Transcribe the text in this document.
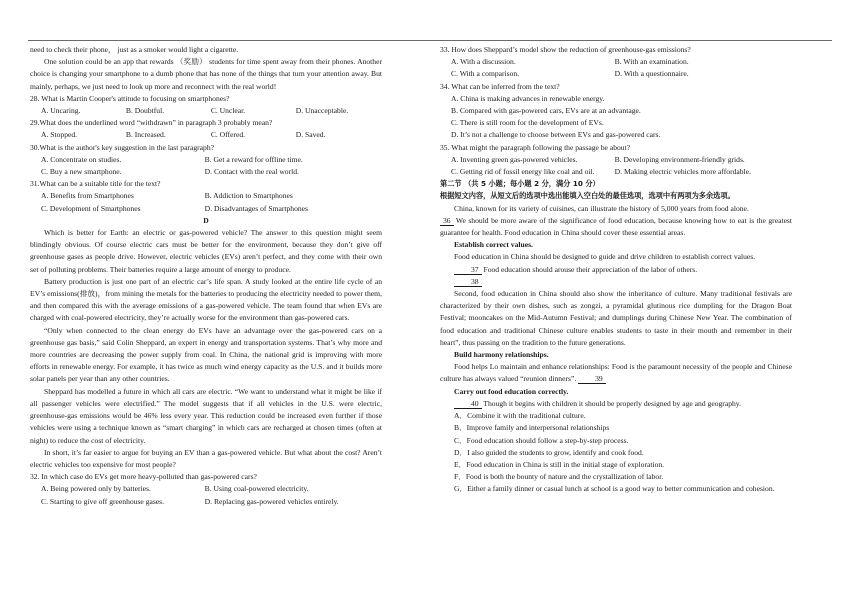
need to check their phone， just as a smoker would light a cigarette.

One solution could be an app that rewards （奖励） students for time spent away from their phones. Another choice is changing your smartphone to a dumb phone that has none of the things that turn your attention away. But mainly, perhaps, we just need to look up more and reconnect with the real world!

28. What is Martin Cooper's attitude to focusing on smartphones?
A. Uncaring.	B. Doubtful.	C. Unclear.	D. Unacceptable.
29.What does the underlined word “withdrawn” in paragraph 3 probably mean?
A. Stopped.	B. Increased.	C. Offered.	D. Saved.
30.What is the author's key suggestion in the last paragraph?
A. Concentrate on studies.	B. Get a reward for offline time.
C. Buy a new smartphone.	D. Contact with the real world.
31.What can be a suitable title for the text?
A. Benefits from Smartphones	B. Addiction to Smartphones
C. Development of Smartphones	D. Disadvantages of Smartphones
D

Which is better for Earth: an electric or gas-powered vehicle? The answer to this question might seem blindingly obvious. Of course electric cars must be better for the environment, because they don’t give off greenhouse gases as people drive. However, electric vehicles (EVs) aren’t perfect, and they come with their own set of polluting problems. Their batteries require a large amount of energy to produce.

Battery production is just one part of an electric car’s life span. A study looked at the entire life cycle of an EV’s emissions(排放)，from mining the metals for the batteries to producing the electricity needed to power them, and then compared this with the average emissions of a gas-powered vehicle. The team found that when EVs are charged with coal-powered electricity, they’re actually worse for the environment than gas-powered cars.

“Only when connected to the clean energy do EVs have an advantage over the gas-powered cars on a greenhouse gas basis,” said Colin Sheppard, an expert in energy and transportation systems. That’s why more and more countries are decreasing the power supply from coal. In China, the national grid is improving with more efforts in renewable energy. For example, it has twice as much wind energy capacity as the U.S. and it builds more solar panels per year than any other countries.

Sheppard has modelled a future in which all cars are electric. “We want to understand what it might be like if all passenger vehicles were electrified.” The model suggests that if all vehicles in the U.S. were electric, greenhouse-gas emissions would be 46% less every year. This reduction could be increased even further if those vehicles were using a technique known as “smart charging” in which cars are recharged at chosen times (often at night) to reduce the cost of electricity.

In short, it’s far easier to argue for buying an EV than a gas-powered vehicle. But what about the cost? Aren’t electric vehicles too expensive for most people?

32. In which case do EVs get more heavy-polluted than gas-powered cars?
A. Being powered only by batteries.	B. Using coal-powered electricity.
C. Starting to give off greenhouse gases.	D. Replacing gas-powered vehicles entirely.
33. How does Sheppard’s model show the reduction of greenhouse-gas emissions?
A. With a discussion.	B. With an examination.
C. With a comparison.	D. With a questionnaire.
34. What can be inferred from the text?
A. China is making advances in renewable energy.
B. Compared with gas-powered cars, EVs are at an advantage.
C. There is still room for the development of EVs.
D. It’s not a challenge to choose between EVs and gas-powered cars.
35. What might the paragraph following the passage be about?
A. Inventing green gas-powered vehicles.	B. Developing environment-friendly grids.
C. Getting rid of fossil energy like coal and oil.	D. Making electric vehicles more affordable.
第二节 （共 5 小题；每小题 2 分，满分 10 分）
根据短文内容，从短文后的选项中选出能填入空白处的最佳选项，选项中有两项为多余选项。

China, known for its variety of cuisines, can illustrate the history of 5,000 years from food alone.

36 We should be more aware of the significance of food education, because knowing how to eat is the greatest guarantee for health. Food education in China should cover these essential areas.

Establish correct values.

Food education in China should be designed to guide and drive children to establish correct values.

37 Food education should arouse their appreciation of the labor of others.

38

Second, food education in China should also show the inheritance of culture. Many traditional festivals are characterized by their own dishes, such as zongzi, a pyramidal glutinous rice dumpling for the Dragon Boat Festival; mooncakes on the Mid-Autumn Festival; and dumplings during Chinese New Year. The combination of food education and traditional Chinese culture enables students to taste in their mouth and remember in their heart”, thus passing on the tradition to the future generations.

Build harmony relationships.

Food helps Lo maintain and enhance relationships: Food is the paramount necessity of the people and Chinese culture has always valued “reunion dinners”. 39

Carry out food education correctly.

40 Though it begins with children it should be properly designed by age and geography.

A．Combine it with the traditional culture.
B．Improve family and interpersonal relationships
C．Food education should follow a step-by-step process.
D．I also guided the students to grow, identify and cook food.
E．Food education in China is still in the initial stage of exploration.
F．Food is both the bounty of nature and the crystallization of labor.
G．Either a family dinner or casual lunch at school is a good way to better communication and cohesion.
